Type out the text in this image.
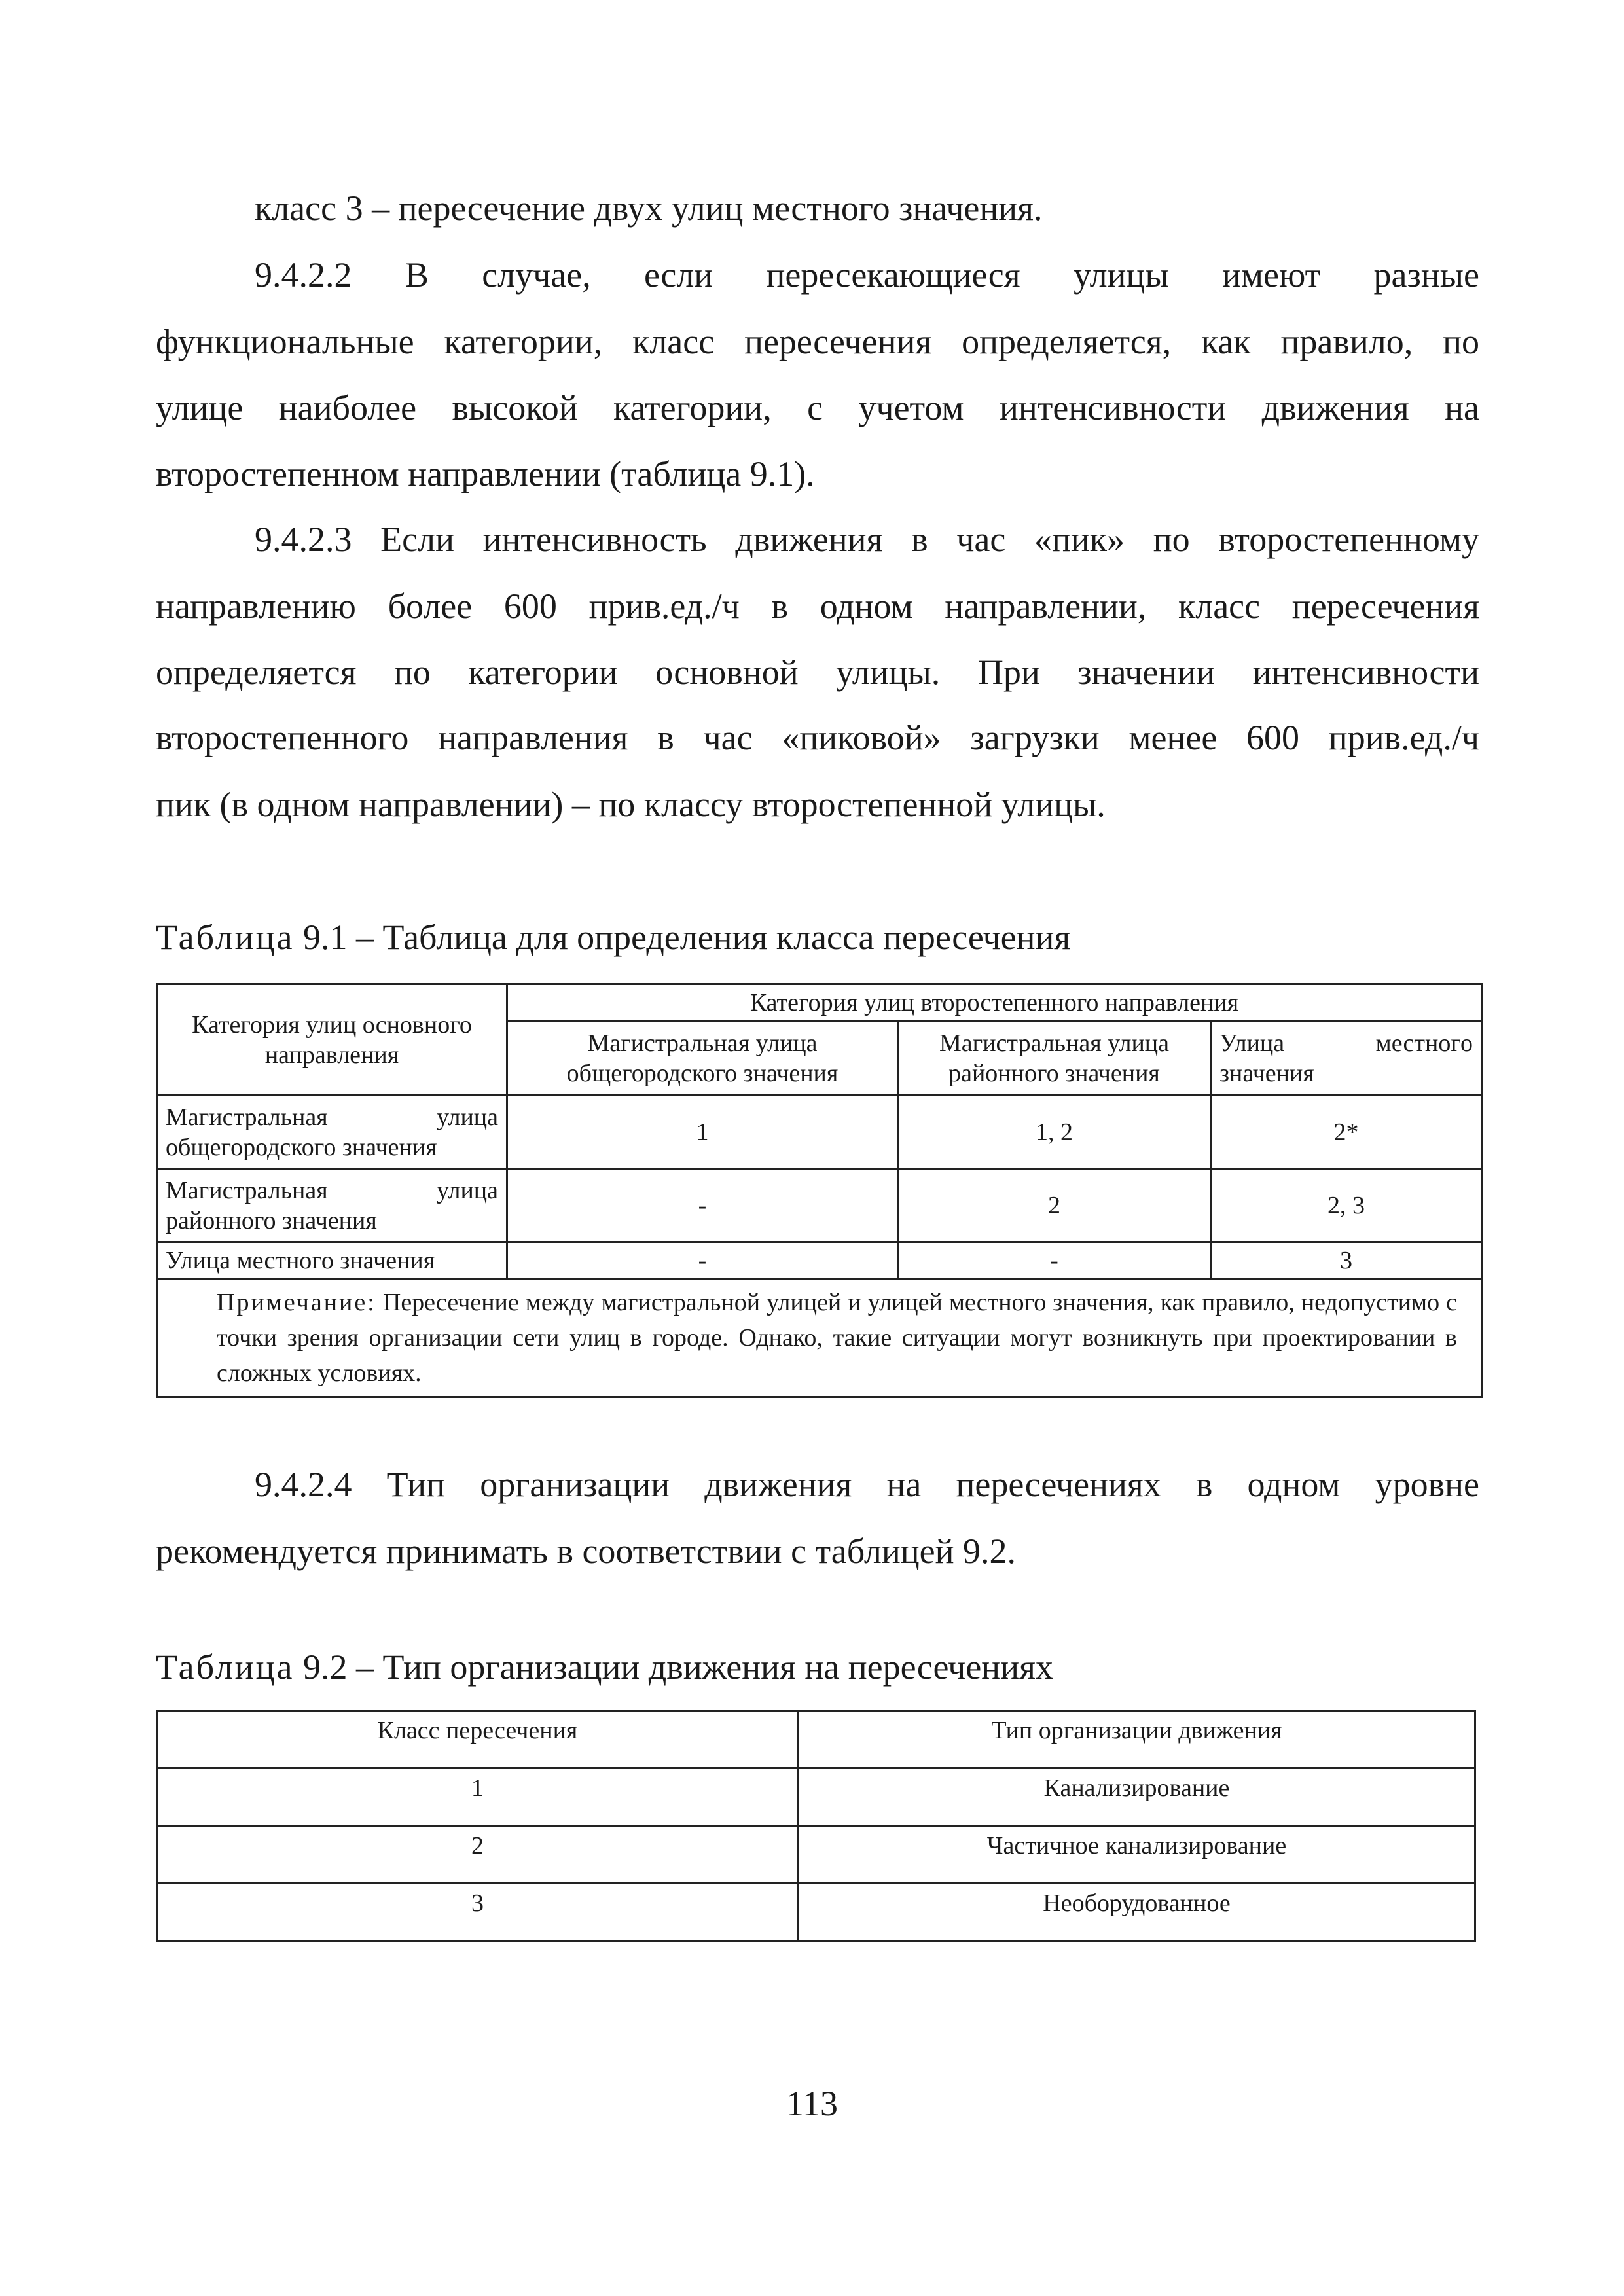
класс 3 – пересечение двух улиц местного значения.
9.4.2.2 В случае, если пересекающиеся улицы имеют разные
функциональные категории, класс пересечения определяется, как правило, по
улице наиболее высокой категории, с учетом интенсивности движения на
второстепенном направлении (таблица 9.1).
9.4.2.3 Если интенсивность движения в час «пик» по второстепенному
направлению более 600 прив.ед./ч в одном направлении, класс пересечения
определяется по категории основной улицы. При значении интенсивности
второстепенного направления в час «пиковой» загрузки менее 600 прив.ед./ч
пик (в одном направлении) – по классу второстепенной улицы.
Таблица 9.1 – Таблица для определения класса пересечения
Категория улиц основного направления	Категория улиц второстепенного направления		
	Магистральная улица общегородского значения	Магистральная улица районного значения	Улица местного значения
Магистральная улица общегородского значения	1	1, 2	2*
Магистральная улица районного значения	-	2	2, 3
Улица местного значения	-	-	3
Примечание: Пересечение между магистральной улицей и улицей местного значения, как правило, недопустимо с точки зрения организации сети улиц в городе. Однако, такие ситуации могут возникнуть при проектировании в сложных условиях.			
9.4.2.4 Тип организации движения на пересечениях в одном уровне
рекомендуется принимать в соответствии с таблицей 9.2.
Таблица 9.2 – Тип организации движения на пересечениях
Класс пересечения	Тип организации движения
1	Канализирование
2	Частичное канализирование
3	Необорудованное
113
